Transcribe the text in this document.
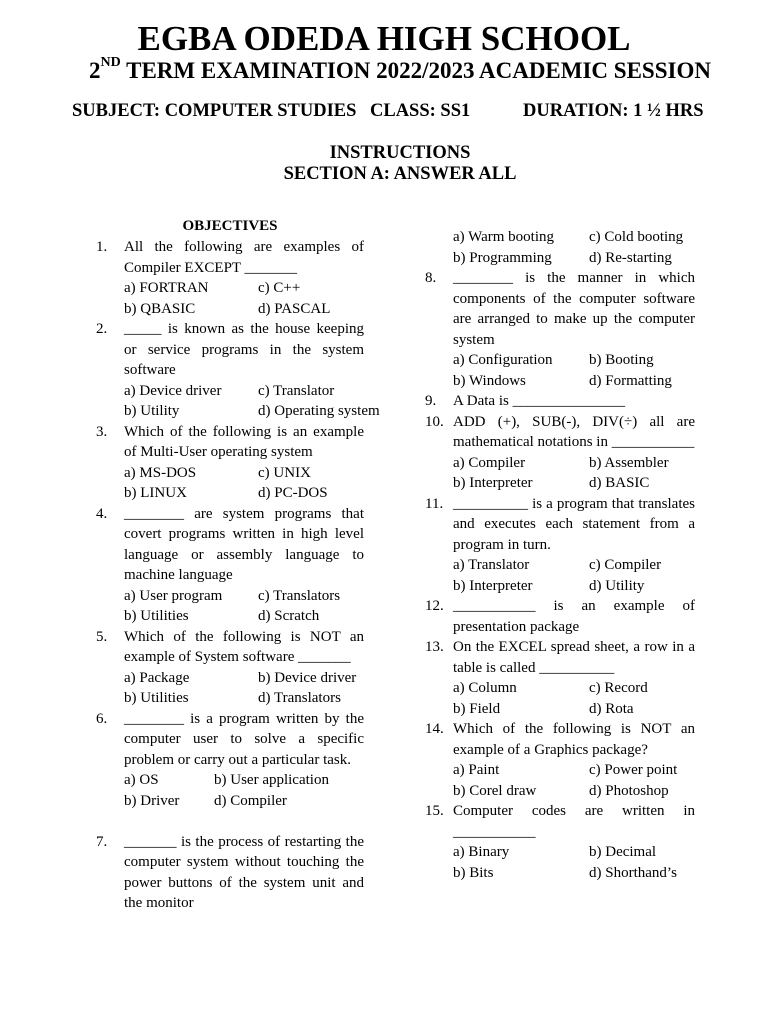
EGBA ODEDA HIGH SCHOOL
2ND TERM EXAMINATION 2022/2023 ACADEMIC SESSION
SUBJECT: COMPUTER STUDIES CLASS: SS1	DURATION: 1 ½ HRS
INSTRUCTIONS
SECTION A: ANSWER ALL
OBJECTIVES
1.	All the following are examples of Compiler EXCEPT _______
a) FORTRAN	c) C++
b) QBASIC	d) PASCAL
2.	_____ is known as the house keeping or service programs in the system software
a) Device driver c) Translator
b) Utility	d) Operating system
3.	Which of the following is an example of Multi-User operating system
a) MS-DOS	c) UNIX
b) LINUX	d) PC-DOS
4.	________ are system programs that covert programs written in high level language or assembly language to machine language
a) User program c) Translators
b) Utilities	d) Scratch
5.	Which of the following is NOT an example of System software _______
a) Package	b) Device driver
b) Utilities	d) Translators
6.	________ is a program written by the computer user to solve a specific problem or carry out a particular task.
a) OS	b) User application
b) Driver d) Compiler
7.	_______ is the process of restarting the computer system without touching the power buttons of the system unit and the monitor
a) Warm booting c) Cold booting
b) Programming d) Re-starting
8.	________ is the manner in which components of the computer software are arranged to make up the computer system
a) Configuration b) Booting
b) Windows	d) Formatting
9.	A Data is _______________
10. ADD (+), SUB(-), DIV(÷) all are mathematical notations in ___________
a) Compiler	b) Assembler
b) Interpreter	d) BASIC
11. __________ is a program that translates and executes each statement from a program in turn.
a) Translator	c) Compiler
b) Interpreter	d) Utility
12. ___________ is an example of presentation package
13. On the EXCEL spread sheet, a row in a table is called __________
a) Column	c) Record
b) Field	d) Rota
14. Which of the following is NOT an example of a Graphics package?
a) Paint	c) Power point
b) Corel draw	d) Photoshop
15. Computer codes are written in ___________
a) Binary	b) Decimal
b) Bits	d) Shorthand’s
